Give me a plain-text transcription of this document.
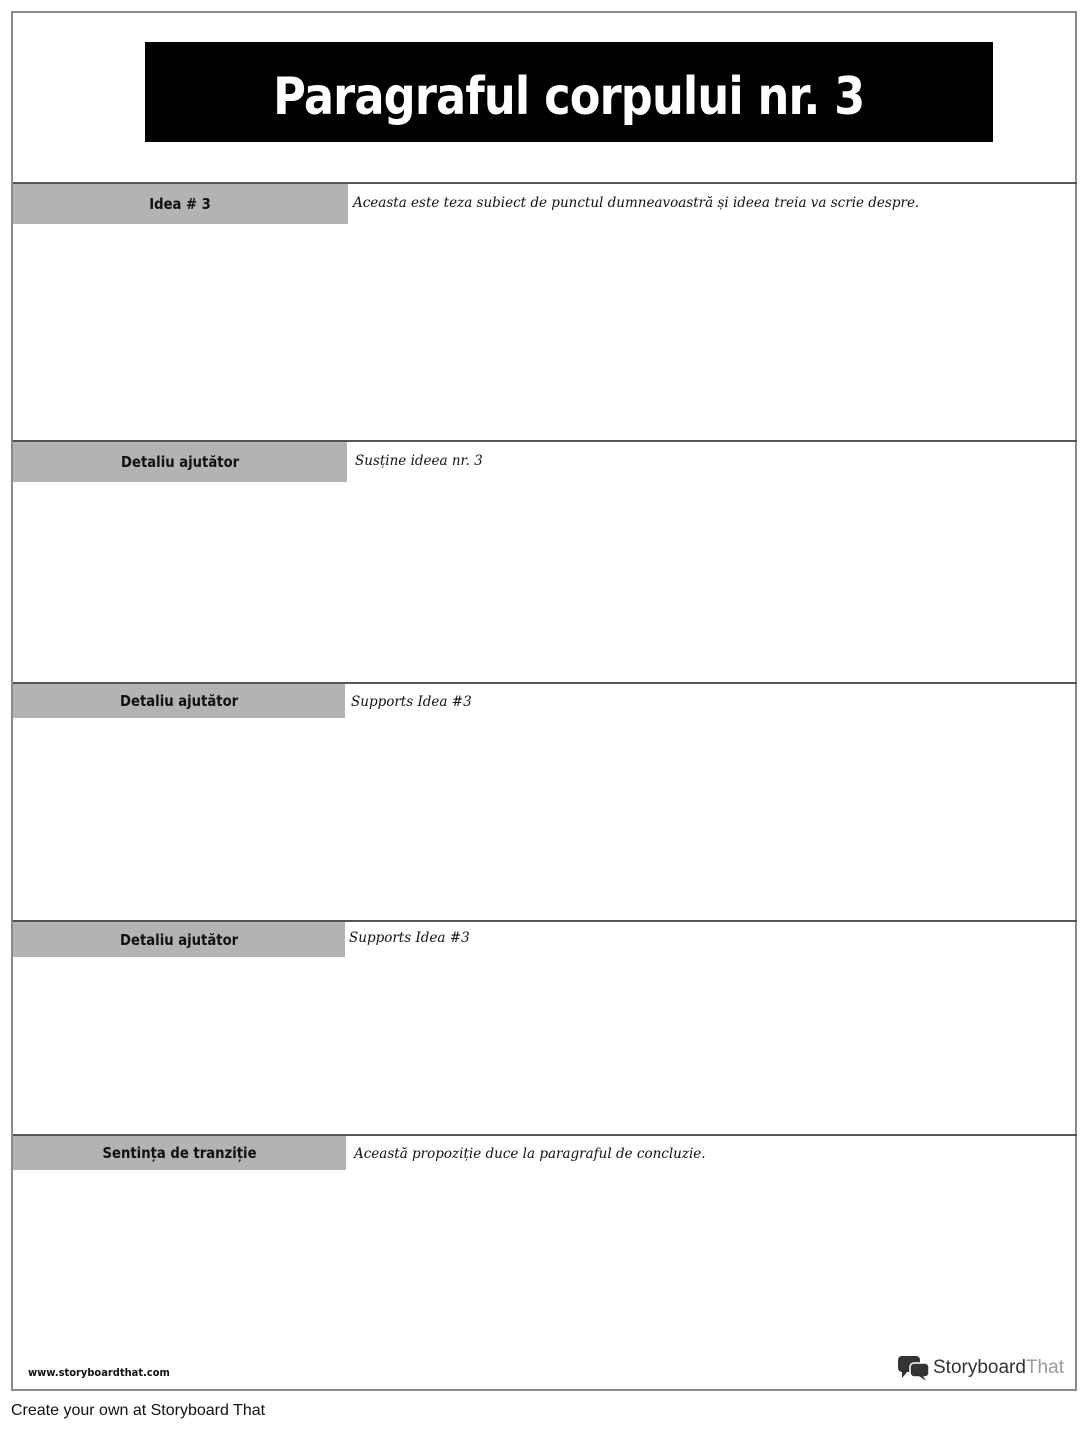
Paragraful corpului nr. 3
Idea # 3	Aceasta este teza subiect de punctul dumneavoastră și ideea treia va scrie despre.
Detaliu ajutător	Susține ideea nr. 3
Detaliu ajutător	Supports Idea #3
Detaliu ajutător	Supports Idea #3
Sentința de tranziție	Această propoziție duce la paragraful de concluzie.
www.storyboardthat.com	StoryboardThat
Create your own at Storyboard That
